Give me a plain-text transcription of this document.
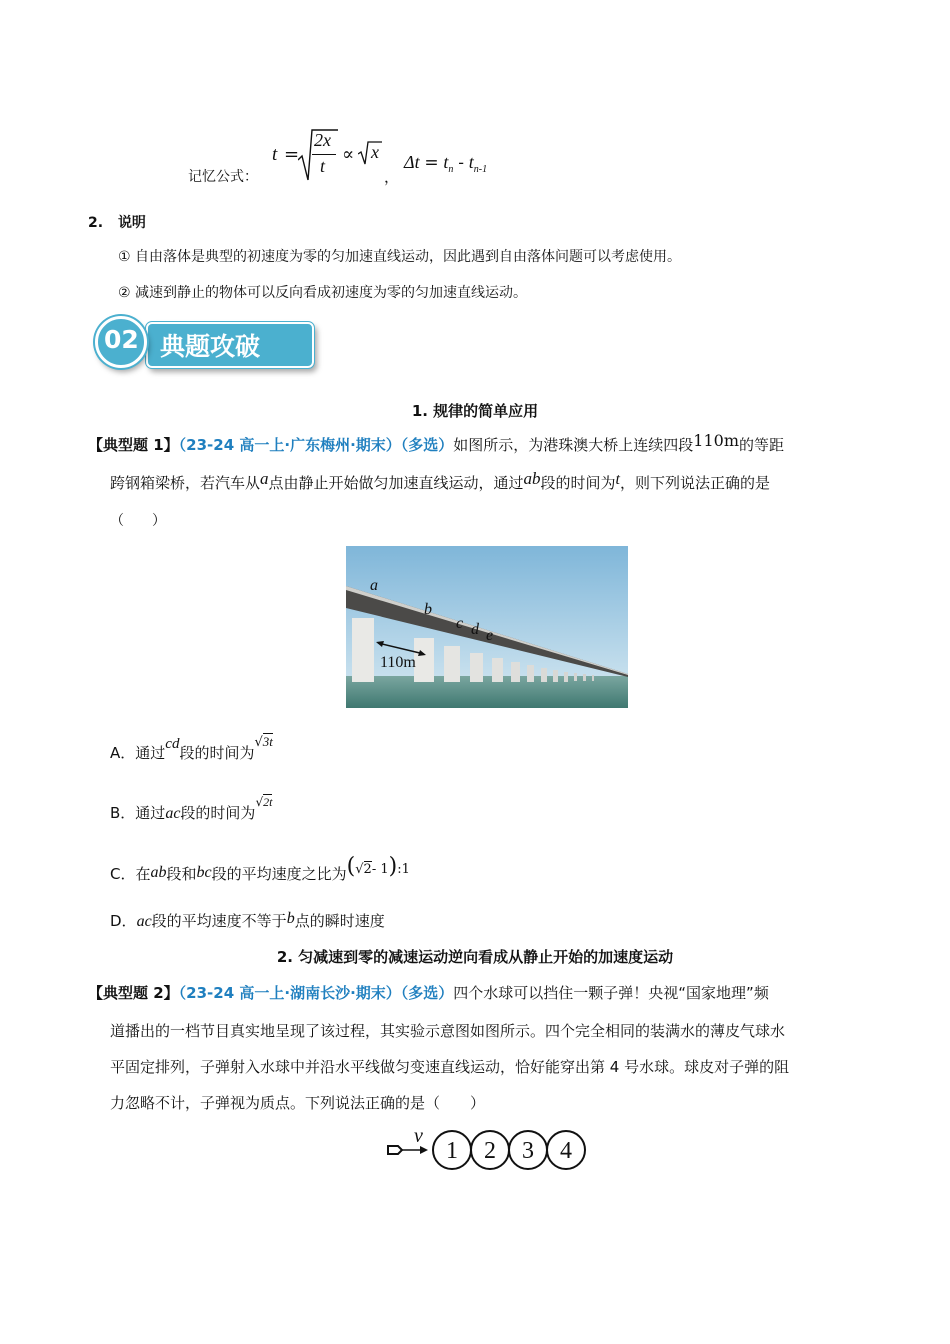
记忆公式：
t =
2x
t
∝ x
，
$\Delta t = t_n - t_{n-1}$
2. 说明
① 自由落体是典型的初速度为零的匀加速直线运动，因此遇到自由落体问题可以考虑使用。
② 减速到静止的物体可以反向看成初速度为零的匀加速直线运动。
典题攻破
02
1. 规律的简单应用
【典型题 1】（23-24 高一上·广东梅州·期末）（多选）如图所示，为港珠澳大桥上连续四段110m的等距
跨钢箱梁桥，若汽车从a点由静止开始做匀加速直线运动，通过ab段的时间为t，则下列说法正确的是
（　　）
a
b
c d e
110m
A．通过cd段的时间为√3t
B．通过ac段的时间为$^{√2t}$
C．在ab段和bc段的平均速度之比为(√2- 1):1
D．ac段的平均速度不等于b点的瞬时速度
2. 匀减速到零的减速运动逆向看成从静止开始的加速度运动
【典型题 2】（23-24 高一上·湖南长沙·期末）（多选）四个水球可以挡住一颗子弹！央视“国家地理”频
道播出的一档节目真实地呈现了该过程，其实验示意图如图所示。四个完全相同的装满水的薄皮气球水
平固定排列，子弹射入水球中并沿水平线做匀变速直线运动，恰好能穿出第 4 号水球。球皮对子弹的阻
力忽略不计，子弹视为质点。下列说法正确的是（　　）
v
1 2 3 4
